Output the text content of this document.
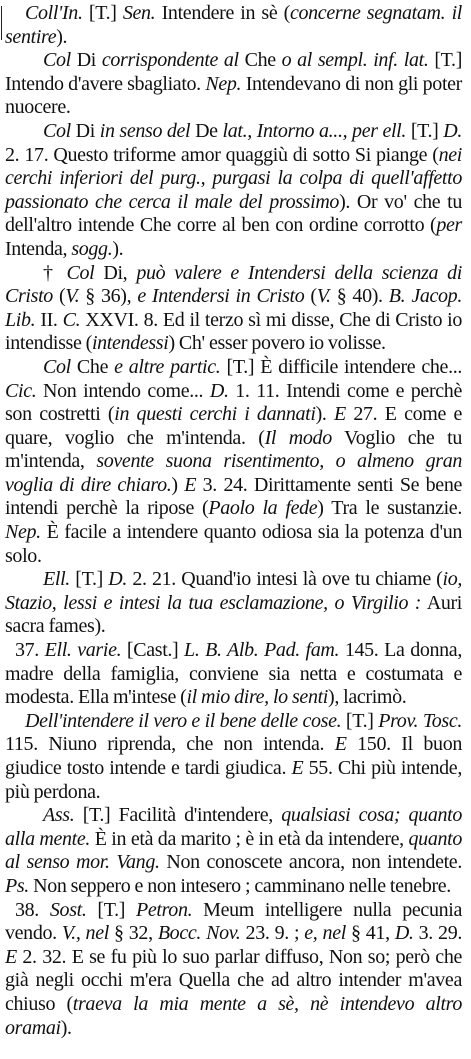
Coll'In. [T.] Sen. Intendere in sè (concerne segnatam. il sentire).

Col Di corrispondente al Che o al sempl. inf. lat. [T.] Intendo d'avere sbagliato. Nep. Intendevano di non gli poter nuocere.

Col Di in senso del De lat., Intorno a..., per ell. [T.] D. 2. 17. Questo triforme amor quaggiù di sotto Si piange (nei cerchi inferiori del purg., purgasi la colpa di quell'affetto passionato che cerca il male del prossimo). Or vo' che tu dell'altro intende Che corre al ben con ordine corrotto (per Intenda, sogg.).

† Col Di, può valere e Intendersi della scienza di Cristo (V. § 36), e Intendersi in Cristo (V. § 40). B. Jacop. Lib. II. C. XXVI. 8. Ed il terzo sì mi disse, Che di Cristo io intendisse (intendessi) Ch' esser povero io volisse.

Col Che e altre partic. [T.] È difficile intendere che... Cic. Non intendo come... D. 1. 11. Intendi come e perchè son costretti (in questi cerchi i dannati). E 27. E come e quare, voglio che m'intenda. (Il modo Voglio che tu m'intenda, sovente suona risentimento, o almeno gran voglia di dire chiaro.) E 3. 24. Dirittamente senti Se bene intendi perchè la ripose (Paolo la fede) Tra le sustanzie. Nep. È facile a intendere quanto odiosa sia la potenza d'un solo.

Ell. [T.] D. 2. 21. Quand'io intesi là ove tu chiame (io, Stazio, lessi e intesi la tua esclamazione, o Virgilio : Auri sacra fames).

37. Ell. varie. [Cast.] L. B. Alb. Pad. fam. 145. La donna, madre della famiglia, conviene sia netta e costumata e modesta. Ella m'intese (il mio dire, lo senti), lacrimò.

Dell'intendere il vero e il bene delle cose. [T.] Prov. Tosc. 115. Niuno riprenda, che non intenda. E 150. Il buon giudice tosto intende e tardi giudica. E 55. Chi più intende, più perdona.

Ass. [T.] Facilità d'intendere, qualsiasi cosa; quanto alla mente. È in età da marito ; è in età da intendere, quanto al senso mor. Vang. Non conoscete ancora, non intendete. Ps. Non seppero e non intesero ; camminano nelle tenebre.

38. Sost. [T.] Petron. Meum intelligere nulla pecunia vendo. V., nel § 32, Bocc. Nov. 23. 9. ; e, nel § 41, D. 3. 29. E 2. 32. E se fu più lo suo parlar diffuso, Non so; però che già negli occhi m'era Quella che ad altro intender m'avea chiuso (traeva la mia mente a sè, nè intendevo altro oramai).
